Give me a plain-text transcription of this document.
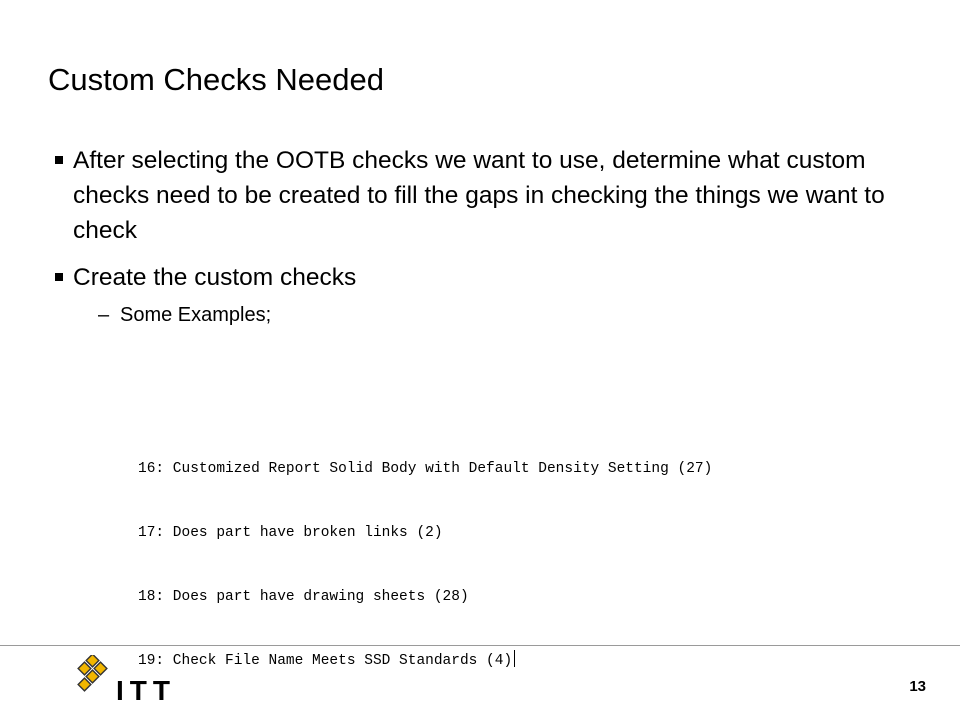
Custom Checks Needed
After selecting the OOTB checks we want to use, determine what custom checks need to be created to fill the gaps in checking the things we want to check
Create the custom checks
– Some Examples;

16: Customized Report Solid Body with Default Density Setting (27)

17: Does part have broken links (2)

18: Does part have drawing sheets (28)

19: Check File Name Meets SSD Standards (4)

ITT	13
